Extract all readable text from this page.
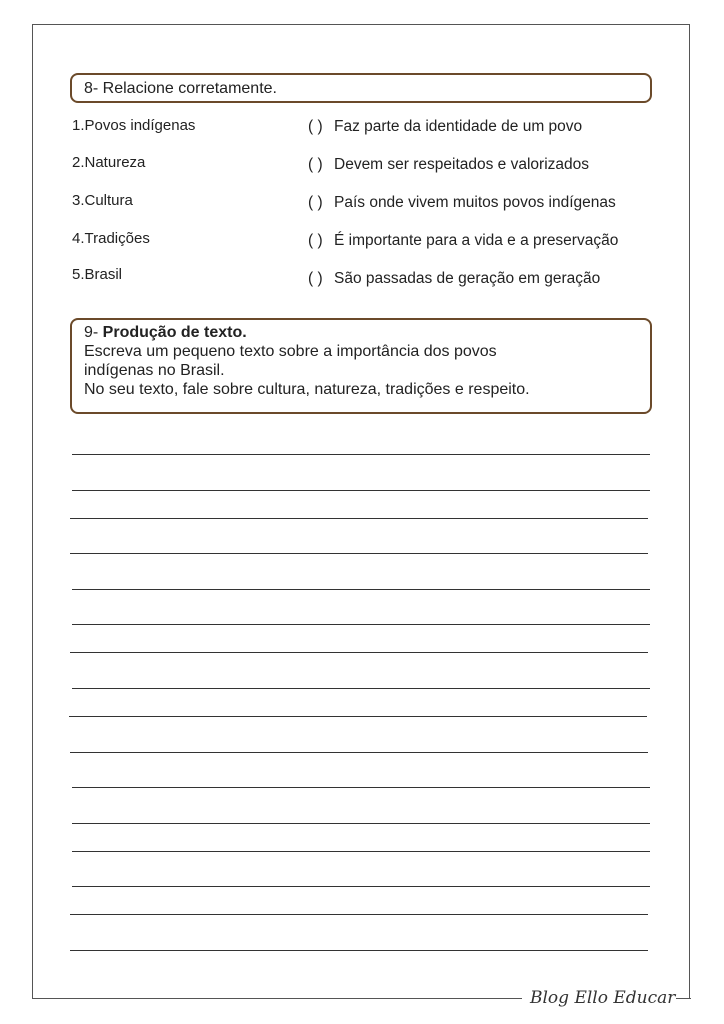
8- Relacione corretamente.
1.Povos indígenas
2.Natureza
3.Cultura
4.Tradições
5.Brasil
( ) Faz parte da identidade de um povo
( ) Devem ser respeitados e valorizados
( ) País onde vivem muitos povos indígenas
( ) É importante para a vida e a preservação
( ) São passadas de geração em geração
9- Produção de texto.
Escreva um pequeno texto sobre a importância dos povos
indígenas no Brasil.
No seu texto, fale sobre cultura, natureza, tradições e respeito.
Blog Ello Educar
